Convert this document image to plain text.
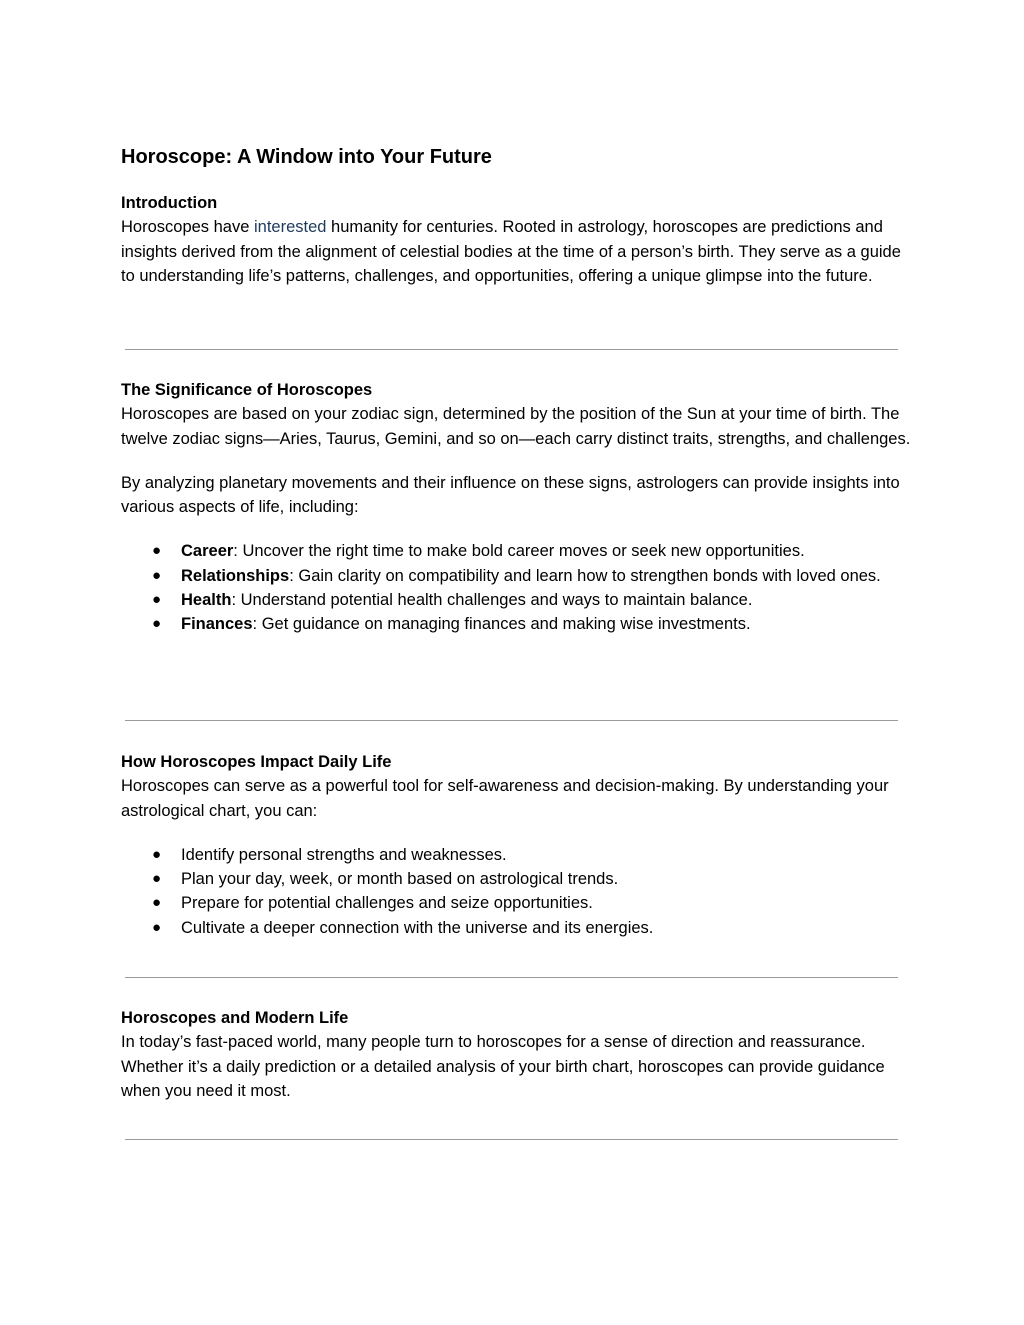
Horoscope: A Window into Your Future
Introduction

Horoscopes have interested humanity for centuries. Rooted in astrology, horoscopes are predictions and insights derived from the alignment of celestial bodies at the time of a person’s birth. They serve as a guide to understanding life’s patterns, challenges, and opportunities, offering a unique glimpse into the future.

The Significance of Horoscopes

Horoscopes are based on your zodiac sign, determined by the position of the Sun at your time of birth. The twelve zodiac signs—Aries, Taurus, Gemini, and so on—each carry distinct traits, strengths, and challenges.

By analyzing planetary movements and their influence on these signs, astrologers can provide insights into various aspects of life, including:

● Career: Uncover the right time to make bold career moves or seek new opportunities.
● Relationships: Gain clarity on compatibility and learn how to strengthen bonds with loved ones.
● Health: Understand potential health challenges and ways to maintain balance.
● Finances: Get guidance on managing finances and making wise investments.
How Horoscopes Impact Daily Life

Horoscopes can serve as a powerful tool for self-awareness and decision-making. By understanding your astrological chart, you can:

● Identify personal strengths and weaknesses.
● Plan your day, week, or month based on astrological trends.
● Prepare for potential challenges and seize opportunities.
● Cultivate a deeper connection with the universe and its energies.
Horoscopes and Modern Life

In today’s fast-paced world, many people turn to horoscopes for a sense of direction and reassurance. Whether it’s a daily prediction or a detailed analysis of your birth chart, horoscopes can provide guidance when you need it most.
